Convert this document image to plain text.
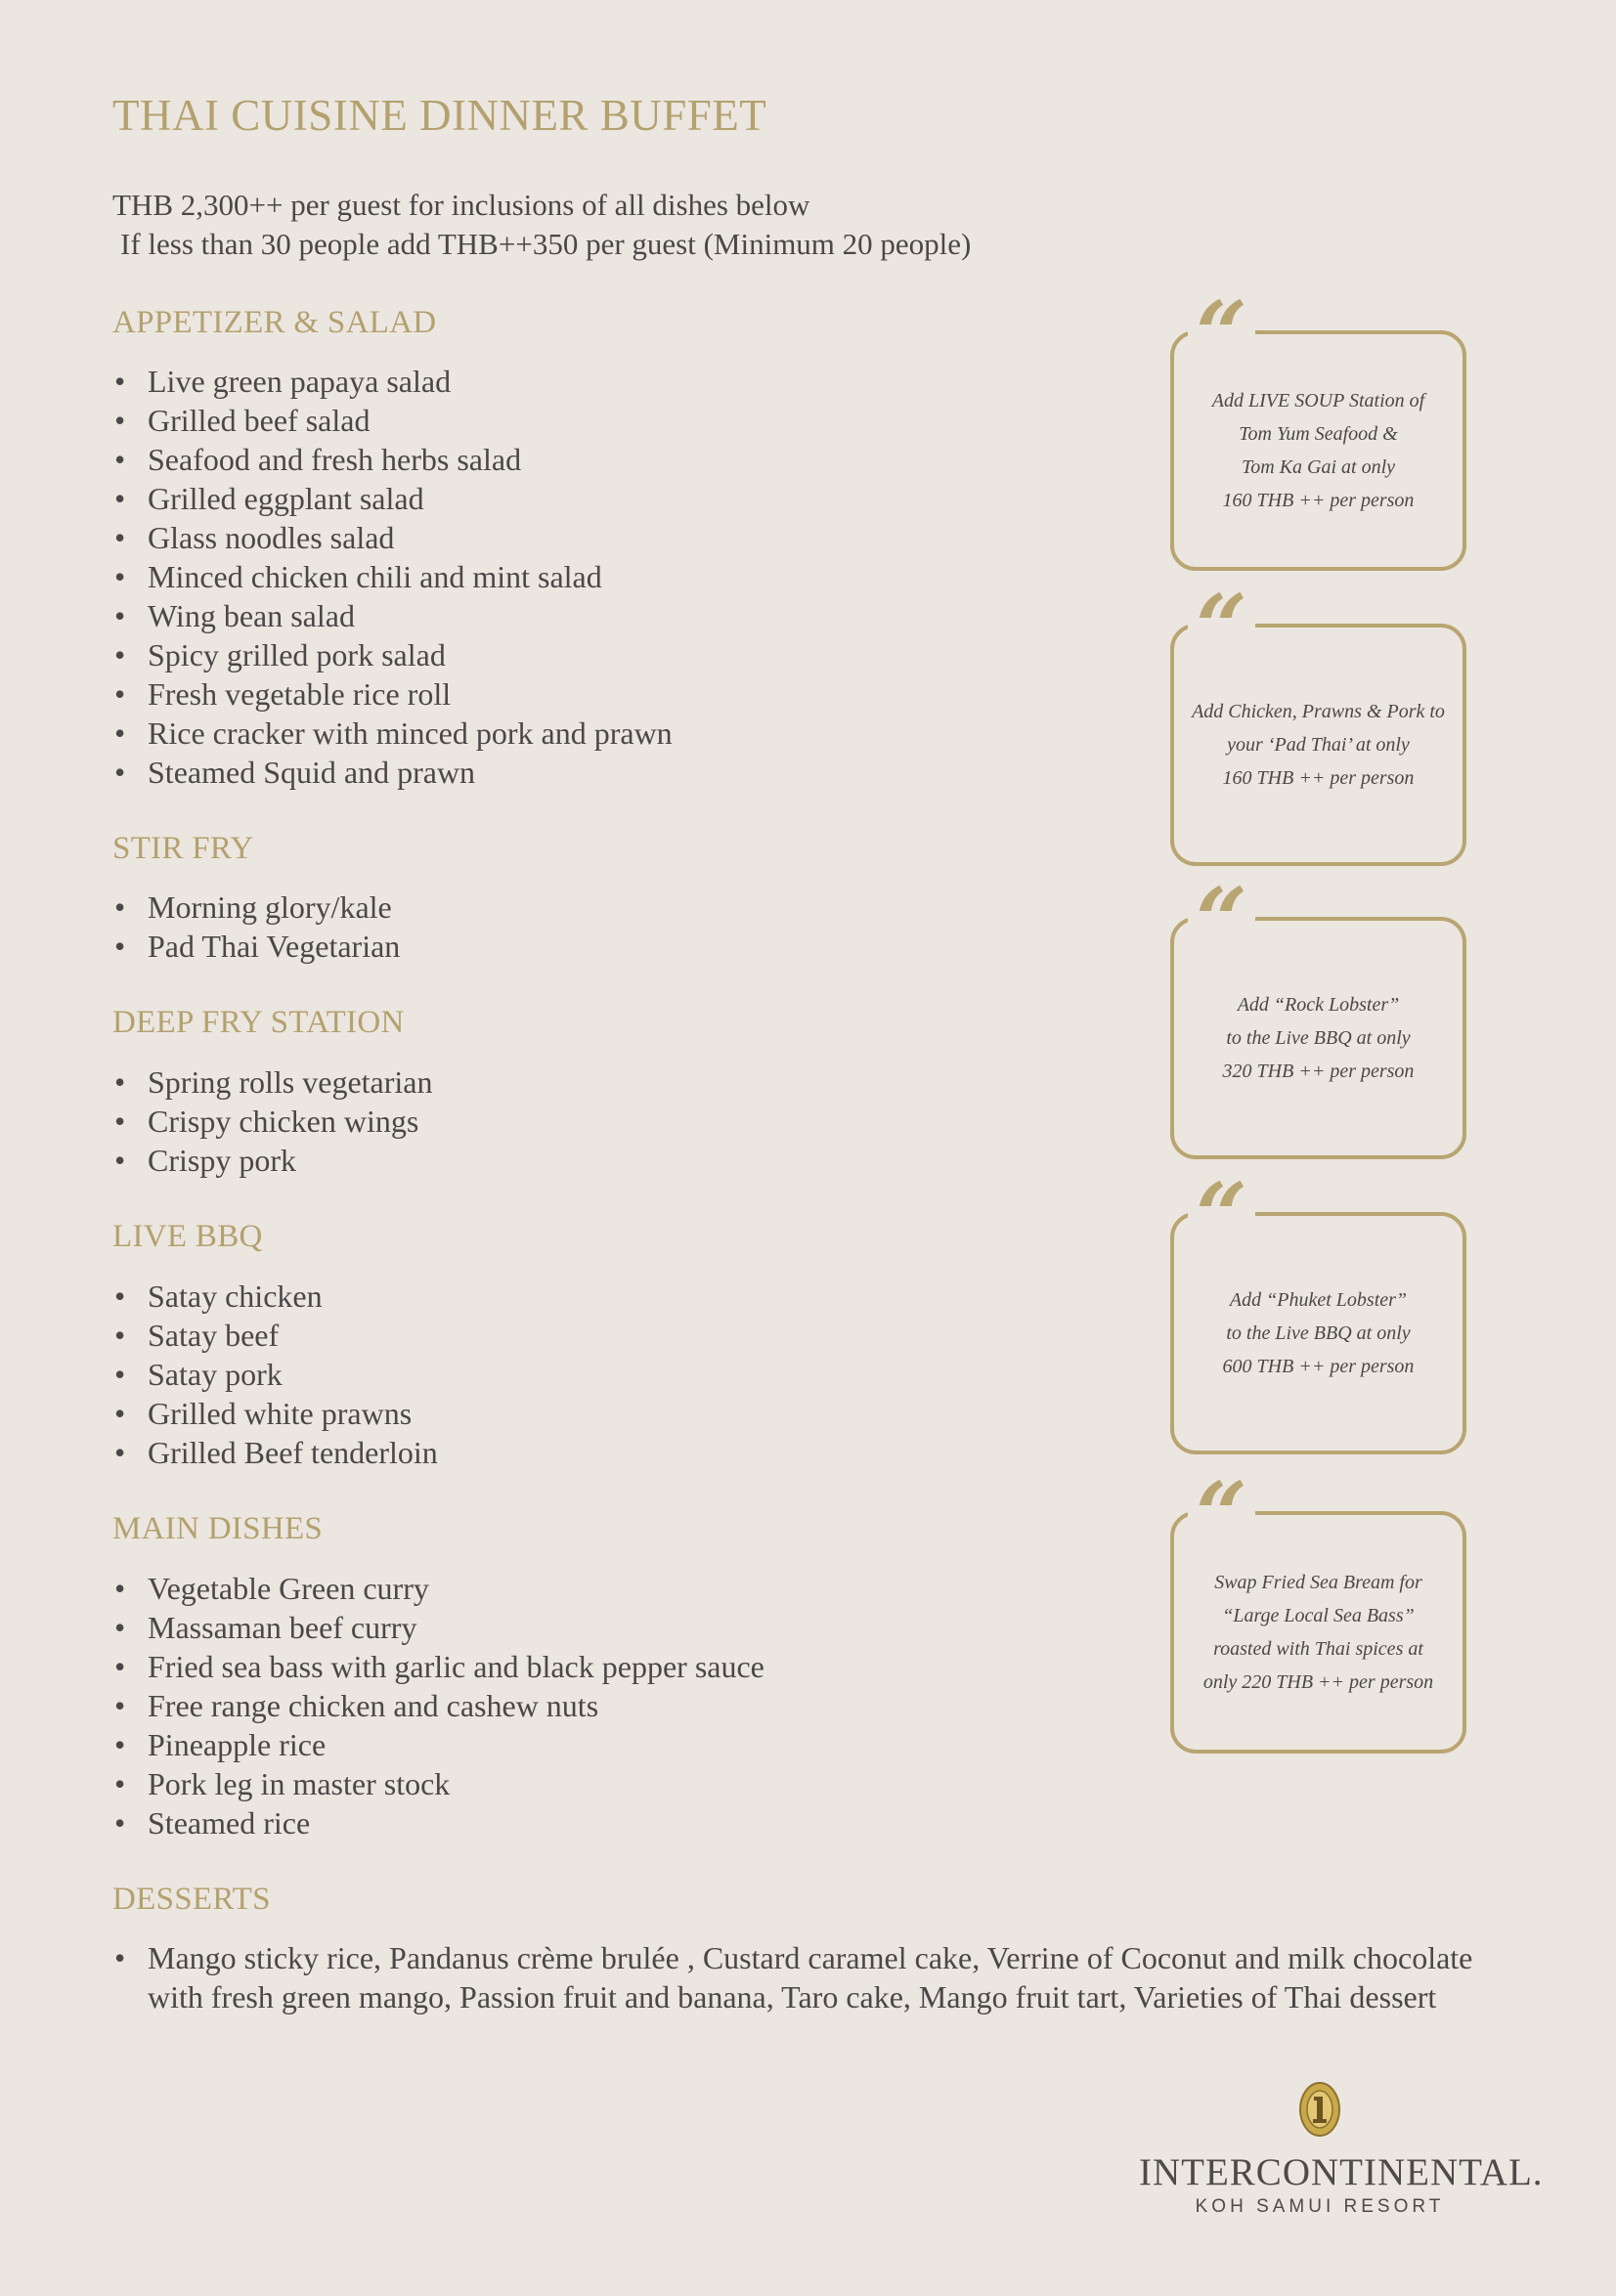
THAI CUISINE DINNER BUFFET
THB 2,300++ per guest for inclusions of all dishes below
If less than 30 people add THB++350 per guest (Minimum 20 people)
APPETIZER & SALAD
• Live green papaya salad
• Grilled beef salad
• Seafood and fresh herbs salad
• Grilled eggplant salad
• Glass noodles salad
• Minced chicken chili and mint salad
• Wing bean salad
• Spicy grilled pork salad
• Fresh vegetable rice roll
• Rice cracker with minced pork and prawn
• Steamed Squid and prawn
STIR FRY
• Morning glory/kale
• Pad Thai Vegetarian
DEEP FRY STATION
• Spring rolls vegetarian
• Crispy chicken wings
• Crispy pork
LIVE BBQ
• Satay chicken
• Satay beef
• Satay pork
• Grilled white prawns
• Grilled Beef tenderloin
MAIN DISHES
• Vegetable Green curry
• Massaman beef curry
• Fried sea bass with garlic and black pepper sauce
• Free range chicken and cashew nuts
• Pineapple rice
• Pork leg in master stock
• Steamed rice
DESSERTS
• Mango sticky rice, Pandanus crème brulée , Custard caramel cake, Verrine of Coconut and milk chocolate with fresh green mango, Passion fruit and banana, Taro cake, Mango fruit tart, Varieties of Thai dessert
“
Add LIVE SOUP Station of
Tom Yum Seafood &
Tom Ka Gai at only
160 THB ++ per person
“
Add Chicken, Prawns & Pork to
your ‘Pad Thai’ at only
160 THB ++ per person
“
Add “Rock Lobster”
to the Live BBQ at only
320 THB ++ per person
“
Add “Phuket Lobster”
to the Live BBQ at only
600 THB ++ per person
“
Swap Fried Sea Bream for
“Large Local Sea Bass”
roasted with Thai spices at
only 220 THB ++ per person
INTERCONTINENTAL.
KOH SAMUI RESORT
